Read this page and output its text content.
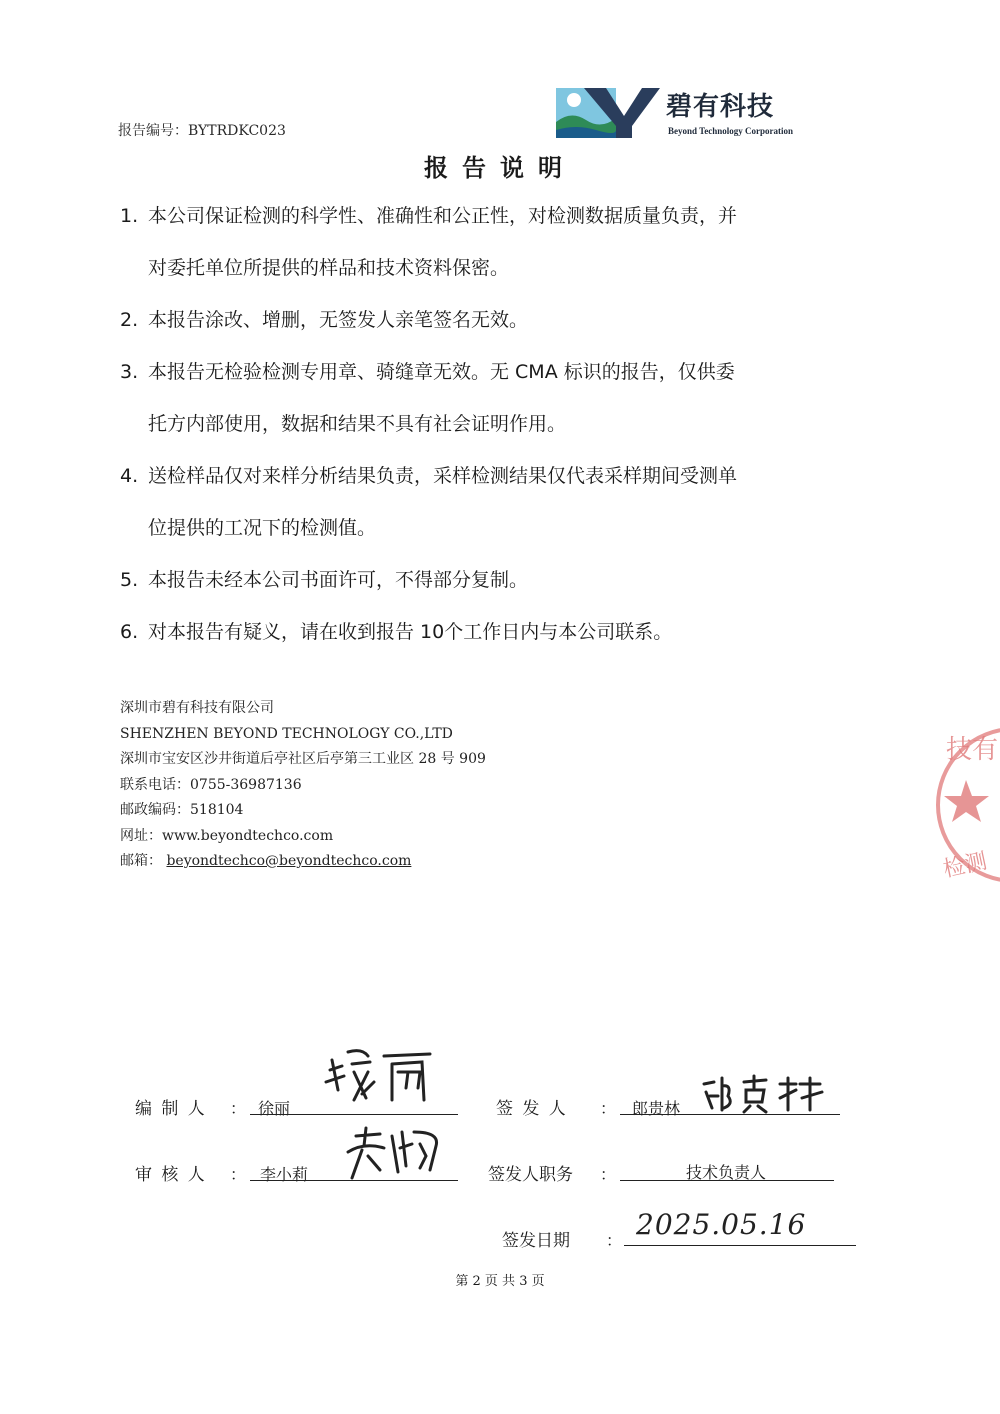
报告编号：BYTRDKC023
碧有科技
Beyond Technology Corporation
报告说明
1. 本公司保证检测的科学性、准确性和公正性，对检测数据质量负责，并
对委托单位所提供的样品和技术资料保密。
2. 本报告涂改、增删，无签发人亲笔签名无效。
3. 本报告无检验检测专用章、骑缝章无效。无 CMA 标识的报告，仅供委
托方内部使用，数据和结果不具有社会证明作用。
4. 送检样品仅对来样分析结果负责，采样检测结果仅代表采样期间受测单
位提供的工况下的检测值。
5. 本报告未经本公司书面许可，不得部分复制。
6. 对本报告有疑义，请在收到报告 10个工作日内与本公司联系。
深圳市碧有科技有限公司
SHENZHEN BEYOND TECHNOLOGY CO.,LTD
深圳市宝安区沙井街道后亭社区后亭第三工业区 28 号 909
联系电话：0755-36987136
邮政编码：518104
网址：www.beyondtechco.com
邮箱： beyondtechco@beyondtechco.com
编 制 人 ： 徐丽	签 发 人 ： 郎贵林
审 核 人 ： 李小莉	签发人职务 ：	技术负责人
签发日期 ： 2025.05.16
第 2 页 共 3 页
技有
检测
